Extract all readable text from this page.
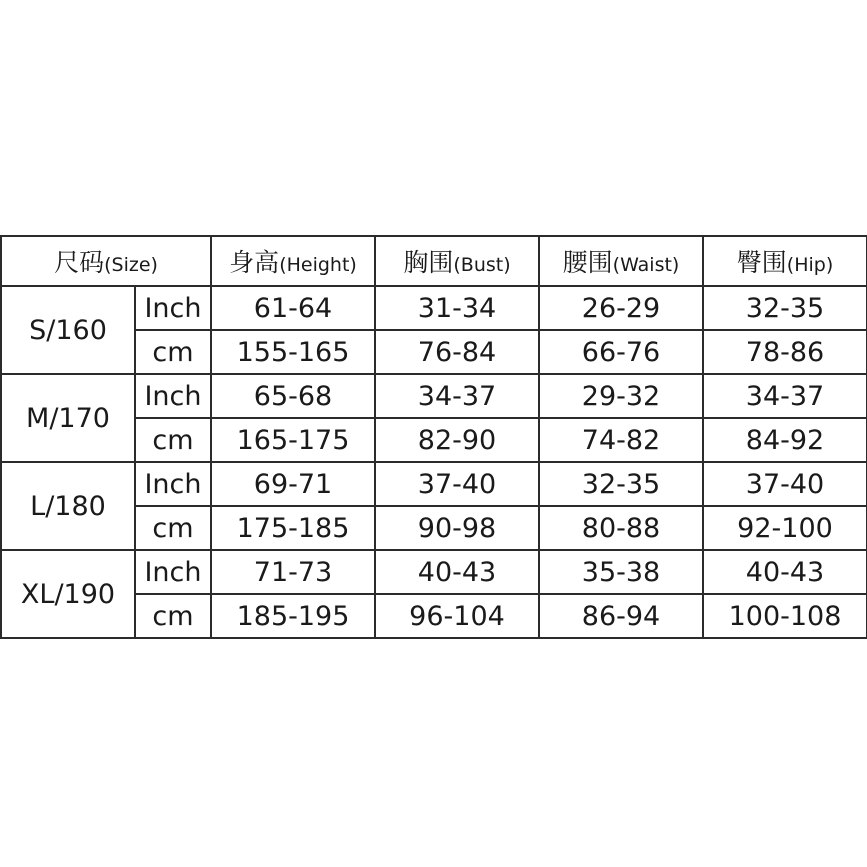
尺码(Size)		身高(Height)	胸围(Bust)	腰围(Waist)	臀围(Hip)
S/160	Inch	61-64	31-34	26-29	32-35
	cm	155-165	76-84	66-76	78-86
M/170	Inch	65-68	34-37	29-32	34-37
	cm	165-175	82-90	74-82	84-92
L/180	Inch	69-71	37-40	32-35	37-40
	cm	175-185	90-98	80-88	92-100
XL/190	Inch	71-73	40-43	35-38	40-43
	cm	185-195	96-104	86-94	100-108
